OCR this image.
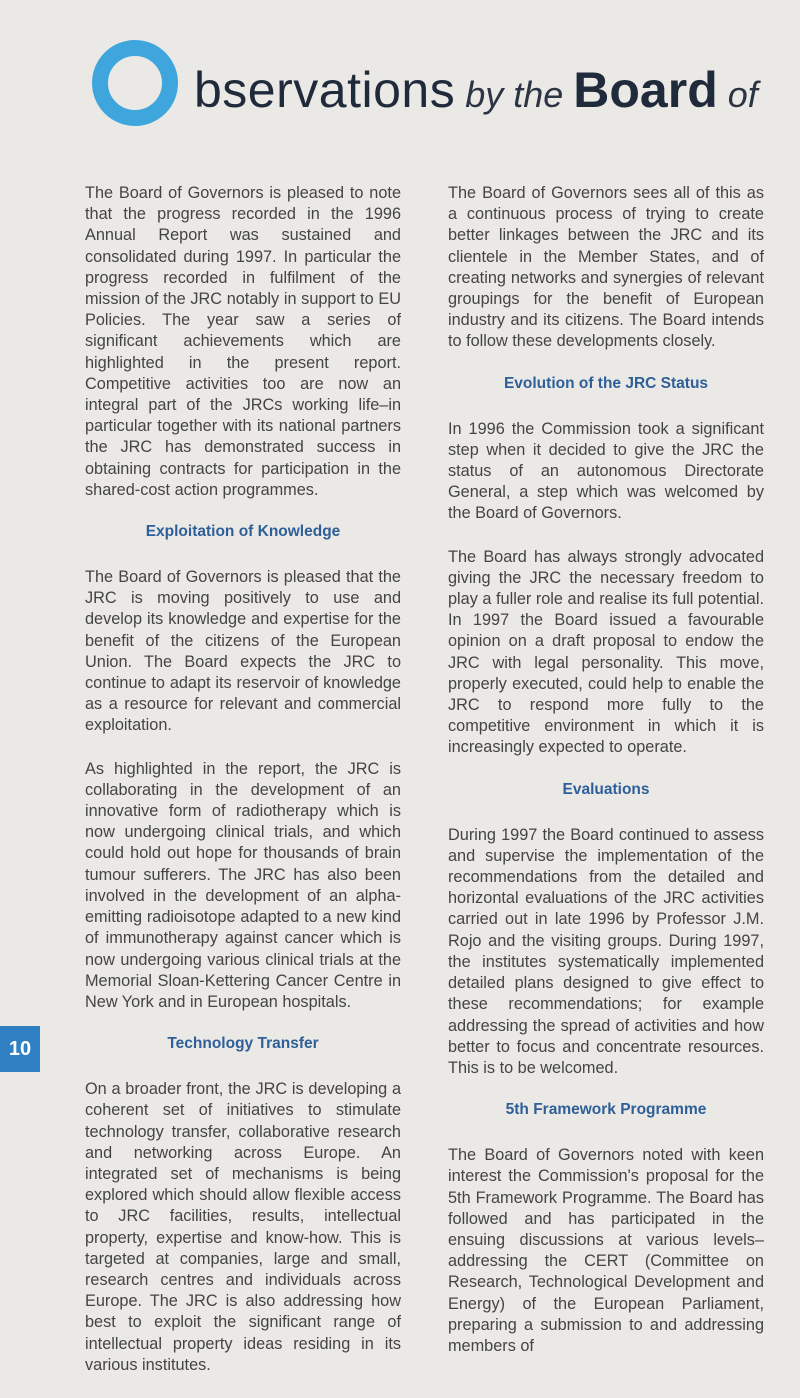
bservations by the Board of

The Board of Governors is pleased to note that the progress recorded in the 1996 Annual Report was sustained and consolidated during 1997. In particular the progress recorded in fulfilment of the mission of the JRC notably in support to EU Policies. The year saw a series of significant achievements which are highlighted in the present report. Competitive activities too are now an integral part of the JRCs working life–in particular together with its national partners the JRC has demonstrated success in obtaining contracts for participation in the shared-cost action programmes.

Exploitation of Knowledge

The Board of Governors is pleased that the JRC is moving positively to use and develop its knowledge and expertise for the benefit of the citizens of the European Union. The Board expects the JRC to continue to adapt its reservoir of knowledge as a resource for relevant and commercial exploitation.

As highlighted in the report, the JRC is collaborating in the development of an innovative form of radiotherapy which is now undergoing clinical trials, and which could hold out hope for thousands of brain tumour sufferers. The JRC has also been involved in the development of an alpha-emitting radioisotope adapted to a new kind of immunotherapy against cancer which is now undergoing various clinical trials at the Memorial Sloan-Kettering Cancer Centre in New York and in European hospitals.

Technology Transfer

On a broader front, the JRC is developing a coherent set of initiatives to stimulate technology transfer, collaborative research and networking across Europe. An integrated set of mechanisms is being explored which should allow flexible access to JRC facilities, results, intellectual property, expertise and know-how. This is targeted at companies, large and small, research centres and individuals across Europe. The JRC is also addressing how best to exploit the significant range of intellectual property ideas residing in its various institutes.

The Board of Governors sees all of this as a continuous process of trying to create better linkages between the JRC and its clientele in the Member States, and of creating networks and synergies of relevant groupings for the benefit of European industry and its citizens. The Board intends to follow these developments closely.

Evolution of the JRC Status

In 1996 the Commission took a significant step when it decided to give the JRC the status of an autonomous Directorate General, a step which was welcomed by the Board of Governors.

The Board has always strongly advocated giving the JRC the necessary freedom to play a fuller role and realise its full potential. In 1997 the Board issued a favourable opinion on a draft proposal to endow the JRC with legal personality. This move, properly executed, could help to enable the JRC to respond more fully to the competitive environment in which it is increasingly expected to operate.

Evaluations

During 1997 the Board continued to assess and supervise the implementation of the recommendations from the detailed and horizontal evaluations of the JRC activities carried out in late 1996 by Professor J.M. Rojo and the visiting groups. During 1997, the institutes systematically implemented detailed plans designed to give effect to these recommendations; for example addressing the spread of activities and how better to focus and concentrate resources. This is to be welcomed.

5th Framework Programme

The Board of Governors noted with keen interest the Commission's proposal for the 5th Framework Programme. The Board has followed and has participated in the ensuing discussions at various levels–addressing the CERT (Committee on Research, Technological Development and Energy) of the European Parliament, preparing a submission to and addressing members of

10
